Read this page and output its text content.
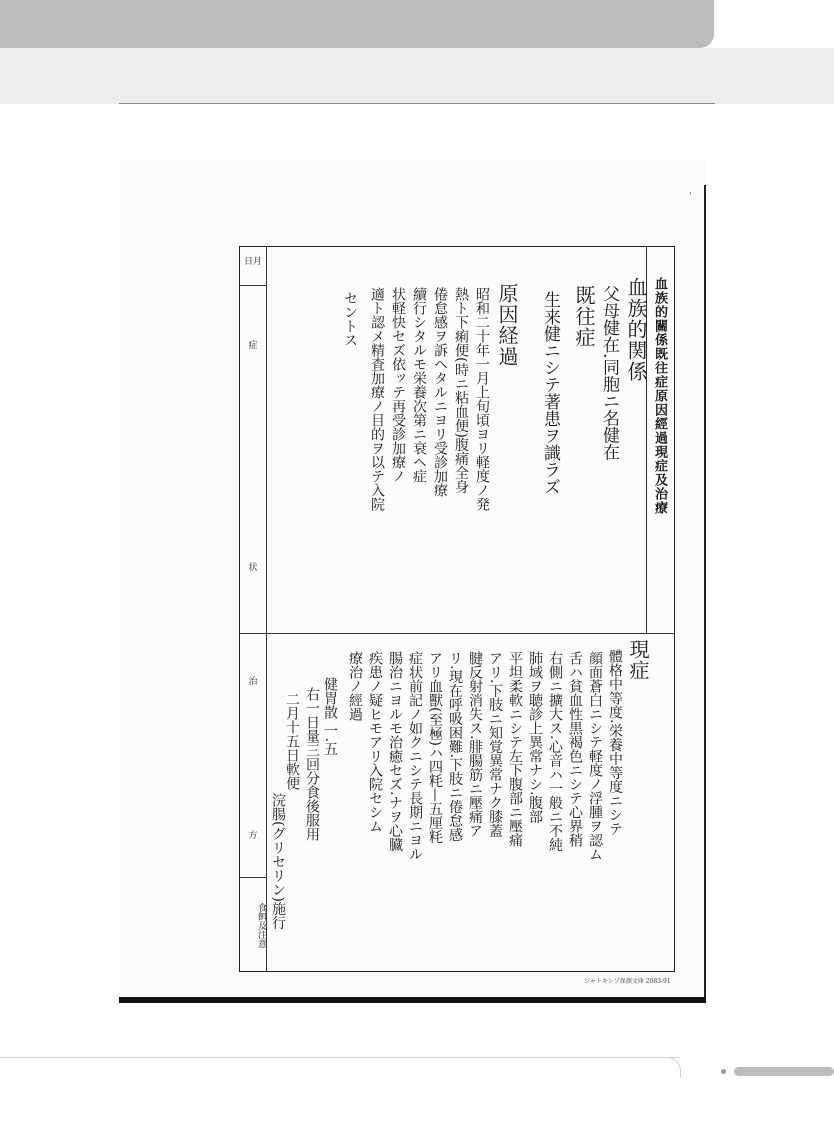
'
日月
症
状
治
方
食餌及注意
血族的關係既往症原因經過現症及治療
血族的関係
父母健在.同胞ニ名健在
既往症
生来健ニシテ著患ヲ識ラズ
原因経過
昭和二十年一月上旬頃ヨリ軽度ノ発
熱ト下痢便(時ニ粘血便)腹痛全身
倦怠感ヲ訴ヘタルニヨリ受診加療
續行シタルモ栄養次第ニ衰ヘ症
状軽快セズ依ッテ再受診加療ノ
適ト認メ精査加療ノ目的ヲ以テ入院
セントス
現症
體格中等度.栄養中等度ニシテ
顔面蒼白ニシテ軽度ノ浮腫ヲ認ム
舌ハ貧血性黒褐色ニシテ心界稍
右側ニ擴大ス.心音ハ一般ニ不純
肺域ヲ聴診上異常ナシ.腹部
平坦柔軟ニシテ左下腹部ニ壓痛
アリ.下肢ニ知覚異常ナク膝蓋
腱反射消失ス.腓腸筋ニ壓痛ア
リ.現在呼吸困難.下肢ニ倦怠感
アリ血獸(至極)ハ四粍—五厘粍
症状前記ノ如クニシテ長期ニヨル
腸治ニヨルモ治癒セズ.ナヲ心臓
疾患ノ疑ヒモアリ入院セシム
療治ノ經過
健胃散 一.五
右一日量三回分食後服用
二月十五日軟便
浣腸(グリセリン)施行
ジャトキシゾ保顔文庫 2083-91
